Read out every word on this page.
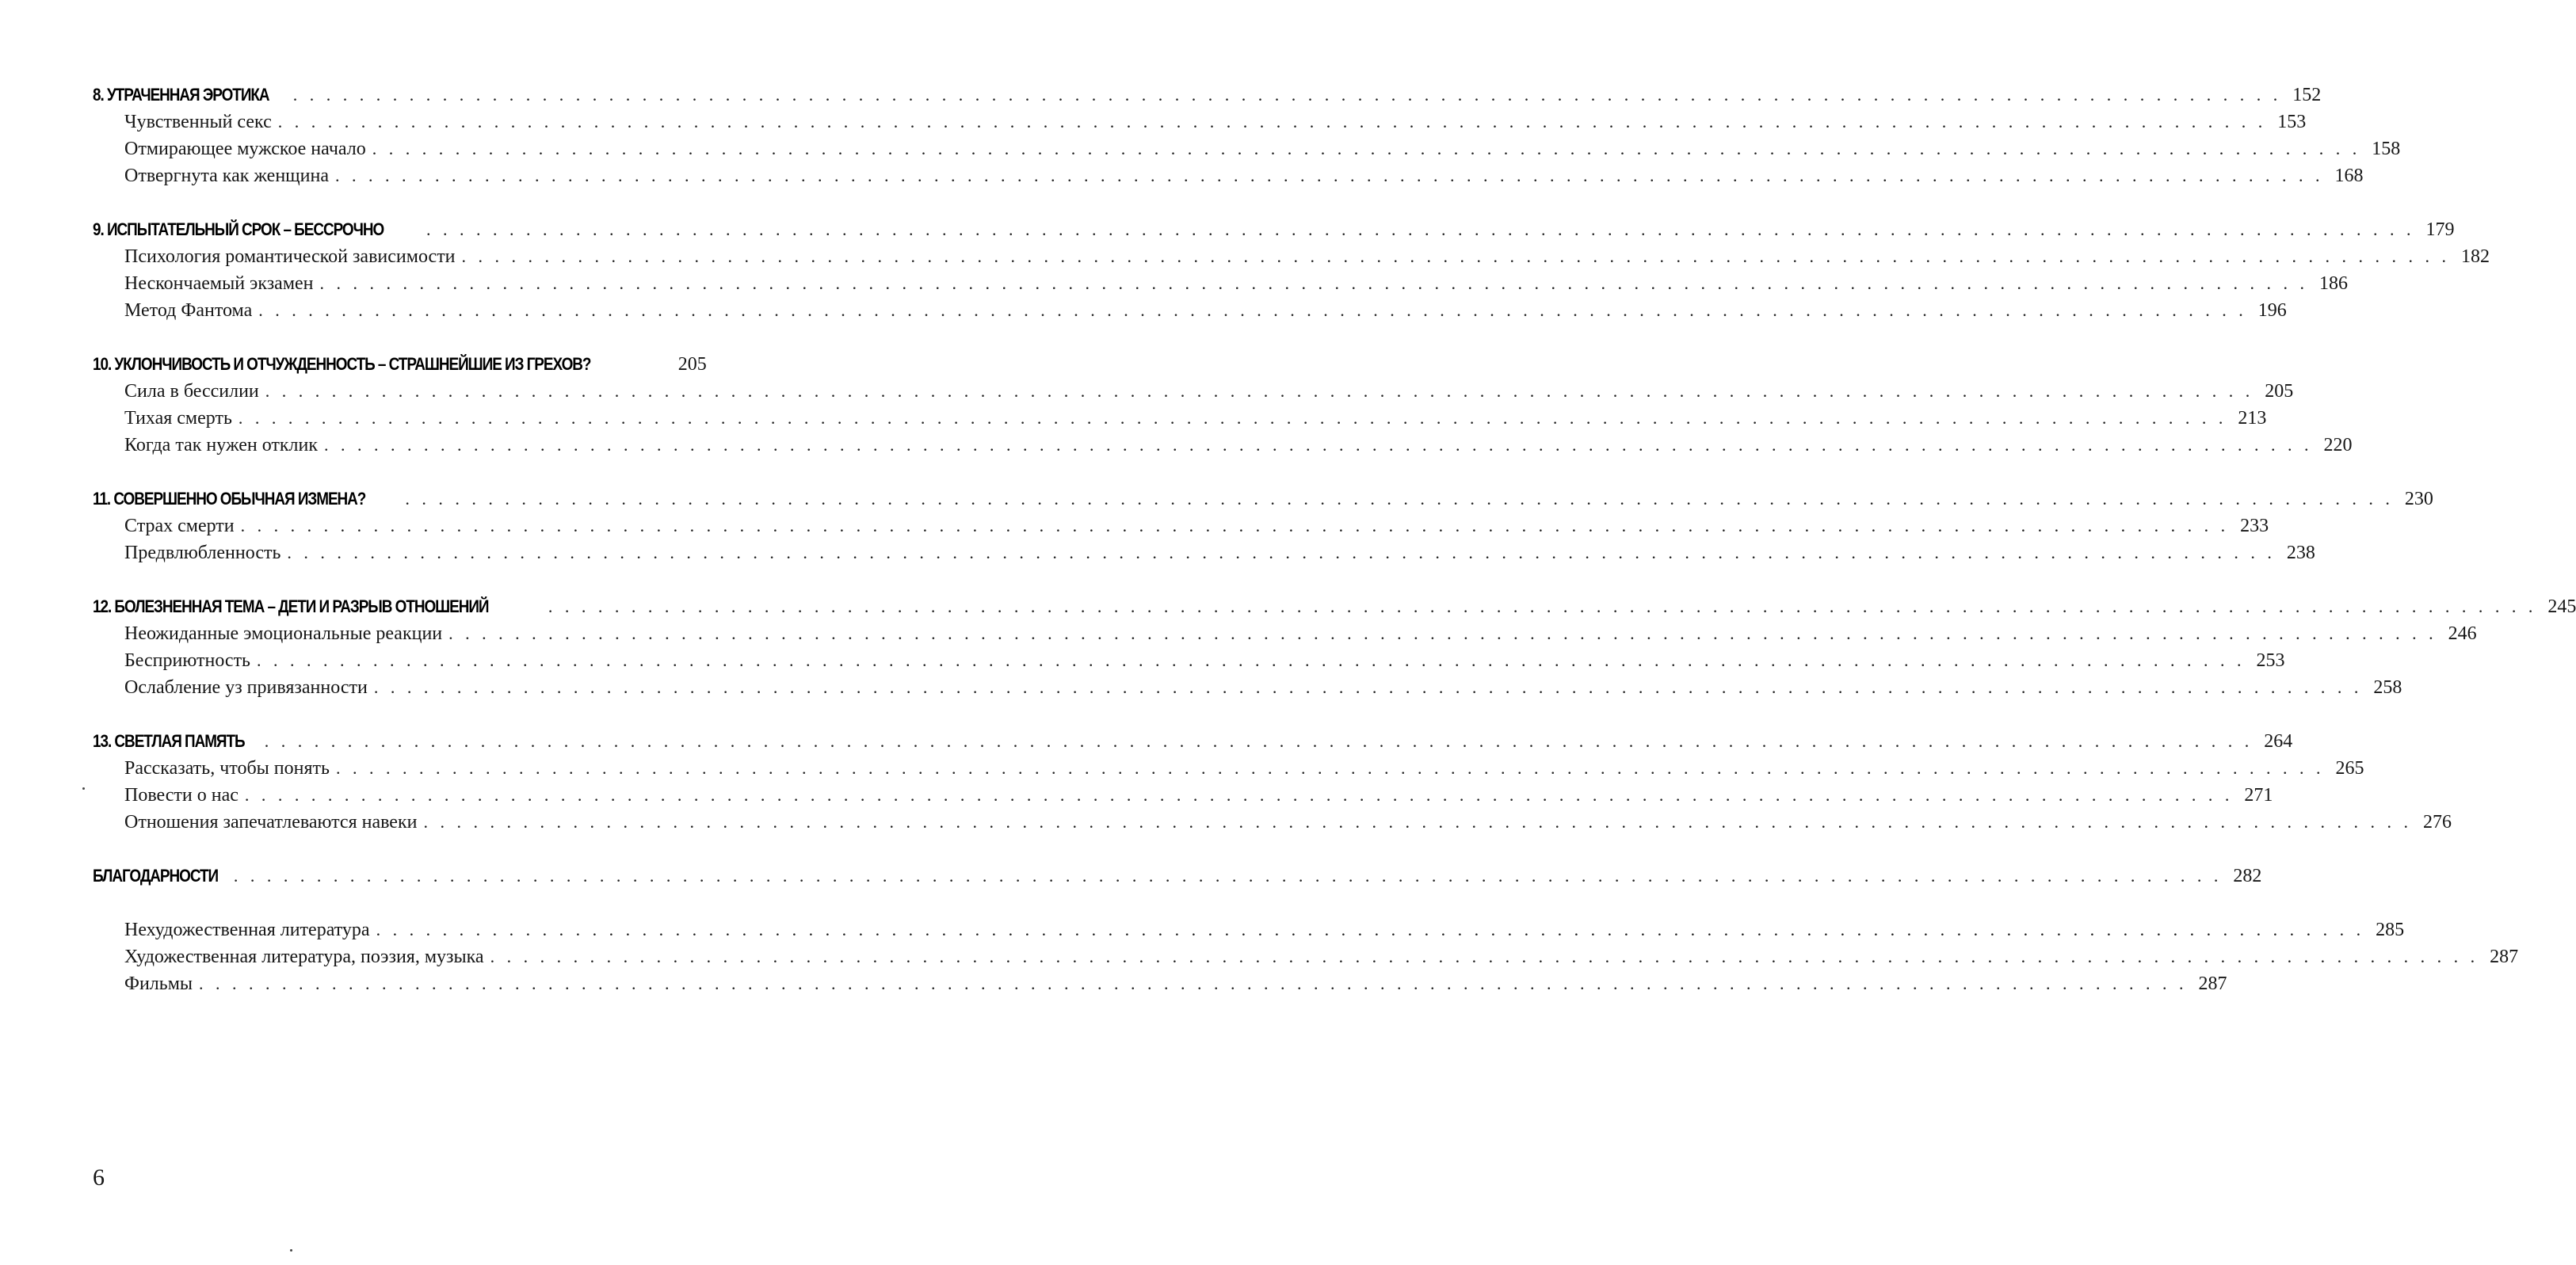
8. УТРАЧЕННАЯ ЭРОТИКА . . . . . . . . . . . . . . . . . . . . . . . . . . . . . . . . . . . . . . . . . . . . . . . . . . . . . . . . . . . . . . . . . . . . . . . . . . . . . . . . . . . . . . . . . . . . . . . . . . . . . . . . . . . . . . . . . . . . . . . . 152
Чувственный секс . . . . . . . . . . . . . . . . . . . . . . . . . . . . . . . . . . . . . . . . . . . . . . . . . . . . . . . . . . . . . . . . . . . . . . . . . . . . . . . . . . . . . . . . . . . . . . . . . . . . . . . . . . . . . . . . . . . . . . . . 153
Отмирающее мужское начало . . . . . . . . . . . . . . . . . . . . . . . . . . . . . . . . . . . . . . . . . . . . . . . . . . . . . . . . . . . . . . . . . . . . . . . . . . . . . . . . . . . . . . . . . . . . . . . . . . . . . . . . . . . . . . . . . . . . . . . . 158
Отвергнута как женщина . . . . . . . . . . . . . . . . . . . . . . . . . . . . . . . . . . . . . . . . . . . . . . . . . . . . . . . . . . . . . . . . . . . . . . . . . . . . . . . . . . . . . . . . . . . . . . . . . . . . . . . . . . . . . . . . . . . . . . . . 168
9. ИСПЫТАТЕЛЬНЫЙ СРОК – БЕССРОЧНО . . . . . . . . . . . . . . . . . . . . . . . . . . . . . . . . . . . . . . . . . . . . . . . . . . . . . . . . . . . . . . . . . . . . . . . . . . . . . . . . . . . . . . . . . . . . . . . . . . . . . . . . . . . . . . . . . . . . . . . . 179
Психология романтической зависимости . . . . . . . . . . . . . . . . . . . . . . . . . . . . . . . . . . . . . . . . . . . . . . . . . . . . . . . . . . . . . . . . . . . . . . . . . . . . . . . . . . . . . . . . . . . . . . . . . . . . . . . . . . . . . . . . . . . . . . . . 182
Нескончаемый экзамен . . . . . . . . . . . . . . . . . . . . . . . . . . . . . . . . . . . . . . . . . . . . . . . . . . . . . . . . . . . . . . . . . . . . . . . . . . . . . . . . . . . . . . . . . . . . . . . . . . . . . . . . . . . . . . . . . . . . . . . . 186
Метод Фантома . . . . . . . . . . . . . . . . . . . . . . . . . . . . . . . . . . . . . . . . . . . . . . . . . . . . . . . . . . . . . . . . . . . . . . . . . . . . . . . . . . . . . . . . . . . . . . . . . . . . . . . . . . . . . . . . . . . . . . . . 196
10. УКЛОНЧИВОСТЬ И ОТЧУЖДЕННОСТЬ – СТРАШНЕЙШИЕ ИЗ ГРЕХОВ?	205
Сила в бессилии . . . . . . . . . . . . . . . . . . . . . . . . . . . . . . . . . . . . . . . . . . . . . . . . . . . . . . . . . . . . . . . . . . . . . . . . . . . . . . . . . . . . . . . . . . . . . . . . . . . . . . . . . . . . . . . . . . . . . . . . 205
Тихая смерть . . . . . . . . . . . . . . . . . . . . . . . . . . . . . . . . . . . . . . . . . . . . . . . . . . . . . . . . . . . . . . . . . . . . . . . . . . . . . . . . . . . . . . . . . . . . . . . . . . . . . . . . . . . . . . . . . . . . . . . . 213
Когда так нужен отклик . . . . . . . . . . . . . . . . . . . . . . . . . . . . . . . . . . . . . . . . . . . . . . . . . . . . . . . . . . . . . . . . . . . . . . . . . . . . . . . . . . . . . . . . . . . . . . . . . . . . . . . . . . . . . . . . . . . . . . . . 220
11. СОВЕРШЕННО ОБЫЧНАЯ ИЗМЕНА? . . . . . . . . . . . . . . . . . . . . . . . . . . . . . . . . . . . . . . . . . . . . . . . . . . . . . . . . . . . . . . . . . . . . . . . . . . . . . . . . . . . . . . . . . . . . . . . . . . . . . . . . . . . . . . . . . . . . . . . . 230
Страх смерти . . . . . . . . . . . . . . . . . . . . . . . . . . . . . . . . . . . . . . . . . . . . . . . . . . . . . . . . . . . . . . . . . . . . . . . . . . . . . . . . . . . . . . . . . . . . . . . . . . . . . . . . . . . . . . . . . . . . . . . . 233
Предвлюбленность . . . . . . . . . . . . . . . . . . . . . . . . . . . . . . . . . . . . . . . . . . . . . . . . . . . . . . . . . . . . . . . . . . . . . . . . . . . . . . . . . . . . . . . . . . . . . . . . . . . . . . . . . . . . . . . . . . . . . . . . 238
12. БОЛЕЗНЕННАЯ ТЕМА – ДЕТИ И РАЗРЫВ ОТНОШЕНИЙ	. . . . . . . . . . . . . . . . . . . . . . . . . . . . . . . . . . . . . . . . . . . . . . . . . . . . . . . . . . . . . . . . . . . . . . . . . . . . . . . . . . . . . . . . . . . . . . . . . . . . . . . . . . . . . . . . . . . . . . . . 245
Неожиданные эмоциональные реакции . . . . . . . . . . . . . . . . . . . . . . . . . . . . . . . . . . . . . . . . . . . . . . . . . . . . . . . . . . . . . . . . . . . . . . . . . . . . . . . . . . . . . . . . . . . . . . . . . . . . . . . . . . . . . . . . . . . . . . . . 246
Бесприютность . . . . . . . . . . . . . . . . . . . . . . . . . . . . . . . . . . . . . . . . . . . . . . . . . . . . . . . . . . . . . . . . . . . . . . . . . . . . . . . . . . . . . . . . . . . . . . . . . . . . . . . . . . . . . . . . . . . . . . . . 253
Ослабление уз привязанности . . . . . . . . . . . . . . . . . . . . . . . . . . . . . . . . . . . . . . . . . . . . . . . . . . . . . . . . . . . . . . . . . . . . . . . . . . . . . . . . . . . . . . . . . . . . . . . . . . . . . . . . . . . . . . . . . . . . . . . . 258
13. СВЕТЛАЯ ПАМЯТЬ . . . . . . . . . . . . . . . . . . . . . . . . . . . . . . . . . . . . . . . . . . . . . . . . . . . . . . . . . . . . . . . . . . . . . . . . . . . . . . . . . . . . . . . . . . . . . . . . . . . . . . . . . . . . . . . . . . . . . . . . 264
Рассказать, чтобы понять . . . . . . . . . . . . . . . . . . . . . . . . . . . . . . . . . . . . . . . . . . . . . . . . . . . . . . . . . . . . . . . . . . . . . . . . . . . . . . . . . . . . . . . . . . . . . . . . . . . . . . . . . . . . . . . . . . . . . . . . 265
Повести о нас . . . . . . . . . . . . . . . . . . . . . . . . . . . . . . . . . . . . . . . . . . . . . . . . . . . . . . . . . . . . . . . . . . . . . . . . . . . . . . . . . . . . . . . . . . . . . . . . . . . . . . . . . . . . . . . . . . . . . . . . 271
Отношения запечатлеваются навеки . . . . . . . . . . . . . . . . . . . . . . . . . . . . . . . . . . . . . . . . . . . . . . . . . . . . . . . . . . . . . . . . . . . . . . . . . . . . . . . . . . . . . . . . . . . . . . . . . . . . . . . . . . . . . . . . . . . . . . . . 276
БЛАГОДАРНОСТИ . . . . . . . . . . . . . . . . . . . . . . . . . . . . . . . . . . . . . . . . . . . . . . . . . . . . . . . . . . . . . . . . . . . . . . . . . . . . . . . . . . . . . . . . . . . . . . . . . . . . . . . . . . . . . . . . . . . . . . . . 282
Нехудожественная литература . . . . . . . . . . . . . . . . . . . . . . . . . . . . . . . . . . . . . . . . . . . . . . . . . . . . . . . . . . . . . . . . . . . . . . . . . . . . . . . . . . . . . . . . . . . . . . . . . . . . . . . . . . . . . . . . . . . . . . . . 285
Художественная литература, поэзия, музыка . . . . . . . . . . . . . . . . . . . . . . . . . . . . . . . . . . . . . . . . . . . . . . . . . . . . . . . . . . . . . . . . . . . . . . . . . . . . . . . . . . . . . . . . . . . . . . . . . . . . . . . . . . . . . . . . . . . . . . . . 287
Фильмы . . . . . . . . . . . . . . . . . . . . . . . . . . . . . . . . . . . . . . . . . . . . . . . . . . . . . . . . . . . . . . . . . . . . . . . . . . . . . . . . . . . . . . . . . . . . . . . . . . . . . . . . . . . . . . . . . . . . . . . . 287
6
